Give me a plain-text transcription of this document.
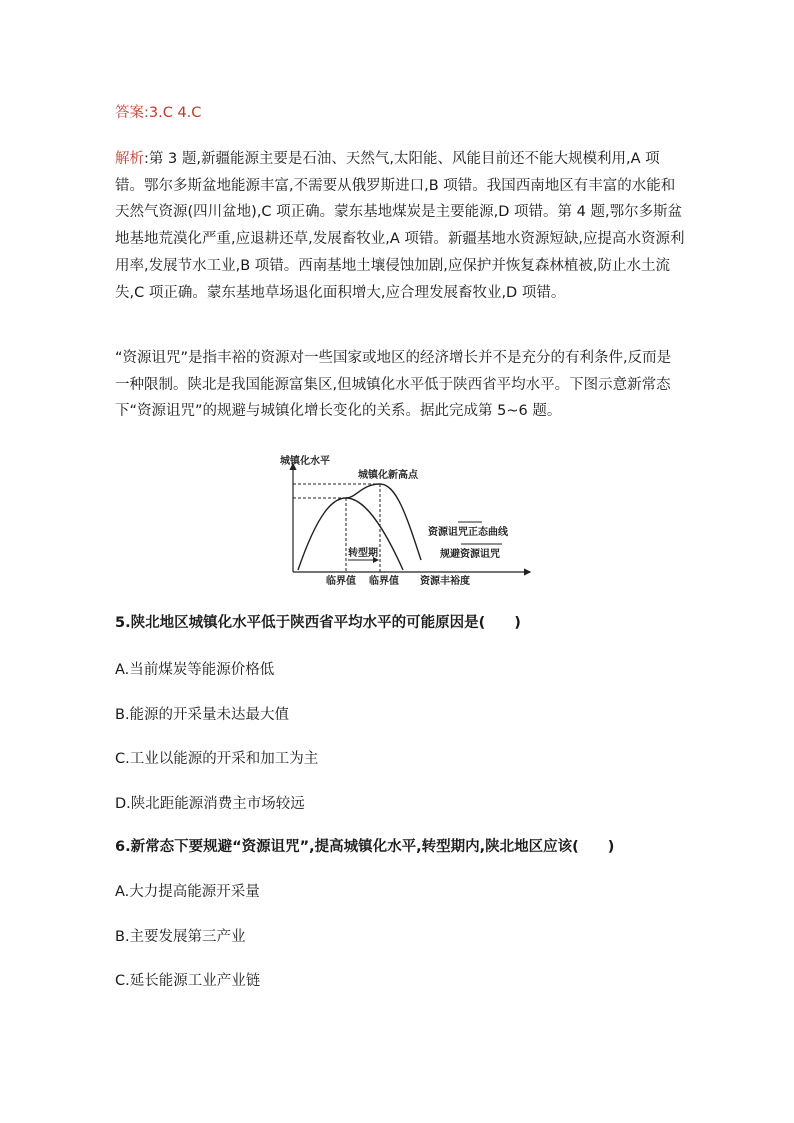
答案:3.C 4.C
解析:第 3 题,新疆能源主要是石油、天然气,太阳能、风能目前还不能大规模利用,A 项错。鄂尔多斯盆地能源丰富,不需要从俄罗斯进口,B 项错。我国西南地区有丰富的水能和天然气资源(四川盆地),C 项正确。蒙东基地煤炭是主要能源,D 项错。第 4 题,鄂尔多斯盆地基地荒漠化严重,应退耕还草,发展畜牧业,A 项错。新疆基地水资源短缺,应提高水资源利用率,发展节水工业,B 项错。西南基地土壤侵蚀加剧,应保护并恢复森林植被,防止水土流失,C 项正确。蒙东基地草场退化面积增大,应合理发展畜牧业,D 项错。
“资源诅咒”是指丰裕的资源对一些国家或地区的经济增长并不是充分的有利条件,反而是一种限制。陕北是我国能源富集区,但城镇化水平低于陕西省平均水平。下图示意新常态下“资源诅咒”的规避与城镇化增长变化的关系。据此完成第 5~6 题。
城镇化水平
转型期
城镇化新高点
资源诅咒正态曲线
规避资源诅咒
临界值 临界值 资源丰裕度
5.陕北地区城镇化水平低于陕西省平均水平的可能原因是(　　)
A.当前煤炭等能源价格低
B.能源的开采量未达最大值
C.工业以能源的开采和加工为主
D.陕北距能源消费主市场较远
6.新常态下要规避“资源诅咒”,提高城镇化水平,转型期内,陕北地区应该(　　)
A.大力提高能源开采量
B.主要发展第三产业
C.延长能源工业产业链
